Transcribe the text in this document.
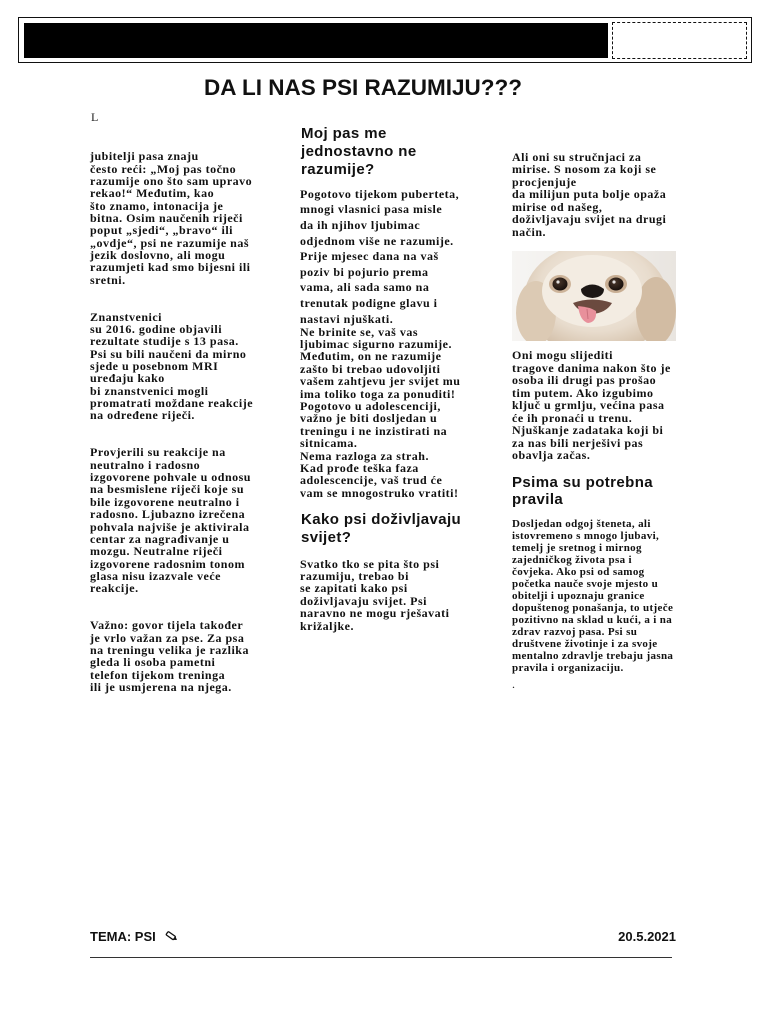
DA LI NAS PSI RAZUMIJU???
L

jubitelji pasa znaju
često reći: „Moj pas točno
razumije ono što sam upravo
rekao!“ Međutim, kao
što znamo, intonacija je
bitna. Osim naučenih riječi
poput „sjedi“, „bravo“ ili
„ovdje“, psi ne razumije naš
jezik doslovno, ali mogu
razumjeti kad smo bijesni ili
sretni.

Znanstvenici
su 2016. godine objavili
rezultate studije s 13 pasa.
Psi su bili naučeni da mirno
sjede u posebnom MRI
uređaju kako
bi znanstvenici mogli
promatrati moždane reakcije
na određene riječi.

Provjerili su reakcije na
neutralno i radosno
izgovorene pohvale u odnosu
na besmislene riječi koje su
bile izgovorene neutralno i
radosno. Ljubazno izrečena
pohvala najviše je aktivirala
centar za nagrađivanje u
mozgu. Neutralne riječi
izgovorene radosnim tonom
glasa nisu izazvale veće
reakcije.

Važno: govor tijela također
je vrlo važan za pse. Za psa
na treningu velika je razlika
gleda li osoba pametni
telefon tijekom treninga
ili je usmjerena na njega.

Moj pas me
jednostavno ne
razumije?
Pogotovo tijekom puberteta,
mnogi vlasnici pasa misle
da ih njihov ljubimac
odjednom više ne razumije.
Prije mjesec dana na vaš
poziv bi pojurio prema
vama, ali sada samo na
trenutak podigne glavu i
nastavi njuškati.
Ne brinite se, vaš vas
ljubimac sigurno razumije.
Međutim, on ne razumije
zašto bi trebao udovoljiti
vašem zahtjevu jer svijet mu
ima toliko toga za ponuditi!
Pogotovo u adolescenciji,
važno je biti dosljedan u
treningu i ne inzistirati na
sitnicama.
Nema razloga za strah.
Kad prođe teška faza
adolescencije, vaš trud će
vam se mnogostruko vratiti!
Kako psi doživljavaju
svijet?
Svatko tko se pita što psi
razumiju, trebao bi
se zapitati kako psi
doživljavaju svijet. Psi
naravno ne mogu rješavati
križaljke.
Ali oni su stručnjaci za
mirise. S nosom za koji se
procjenjuje
da milijun puta bolje opaža
mirise od našeg,
doživljavaju svijet na drugi
način.
Oni mogu slijediti
tragove danima nakon što je
osoba ili drugi pas prošao
tim putem. Ako izgubimo
ključ u grmlju, većina pasa
će ih pronaći u trenu.
Njuškanje zadataka koji bi
za nas bili nerješivi pas
obavlja začas.
Psima su potrebna
pravila
Dosljedan odgoj šteneta, ali
istovremeno s mnogo ljubavi,
temelj je sretnog i mirnog
zajedničkog života psa i
čovjeka. Ako psi od samog
početka nauče svoje mjesto u
obitelji i upoznaju granice
dopuštenog ponašanja, to utječe
pozitivno na sklad u kući, a i na
zdrav razvoj pasa. Psi su
društvene životinje i za svoje
mentalno zdravlje trebaju jasna
pravila i organizaciju.
.
TEMA: PSI	20.5.2021
